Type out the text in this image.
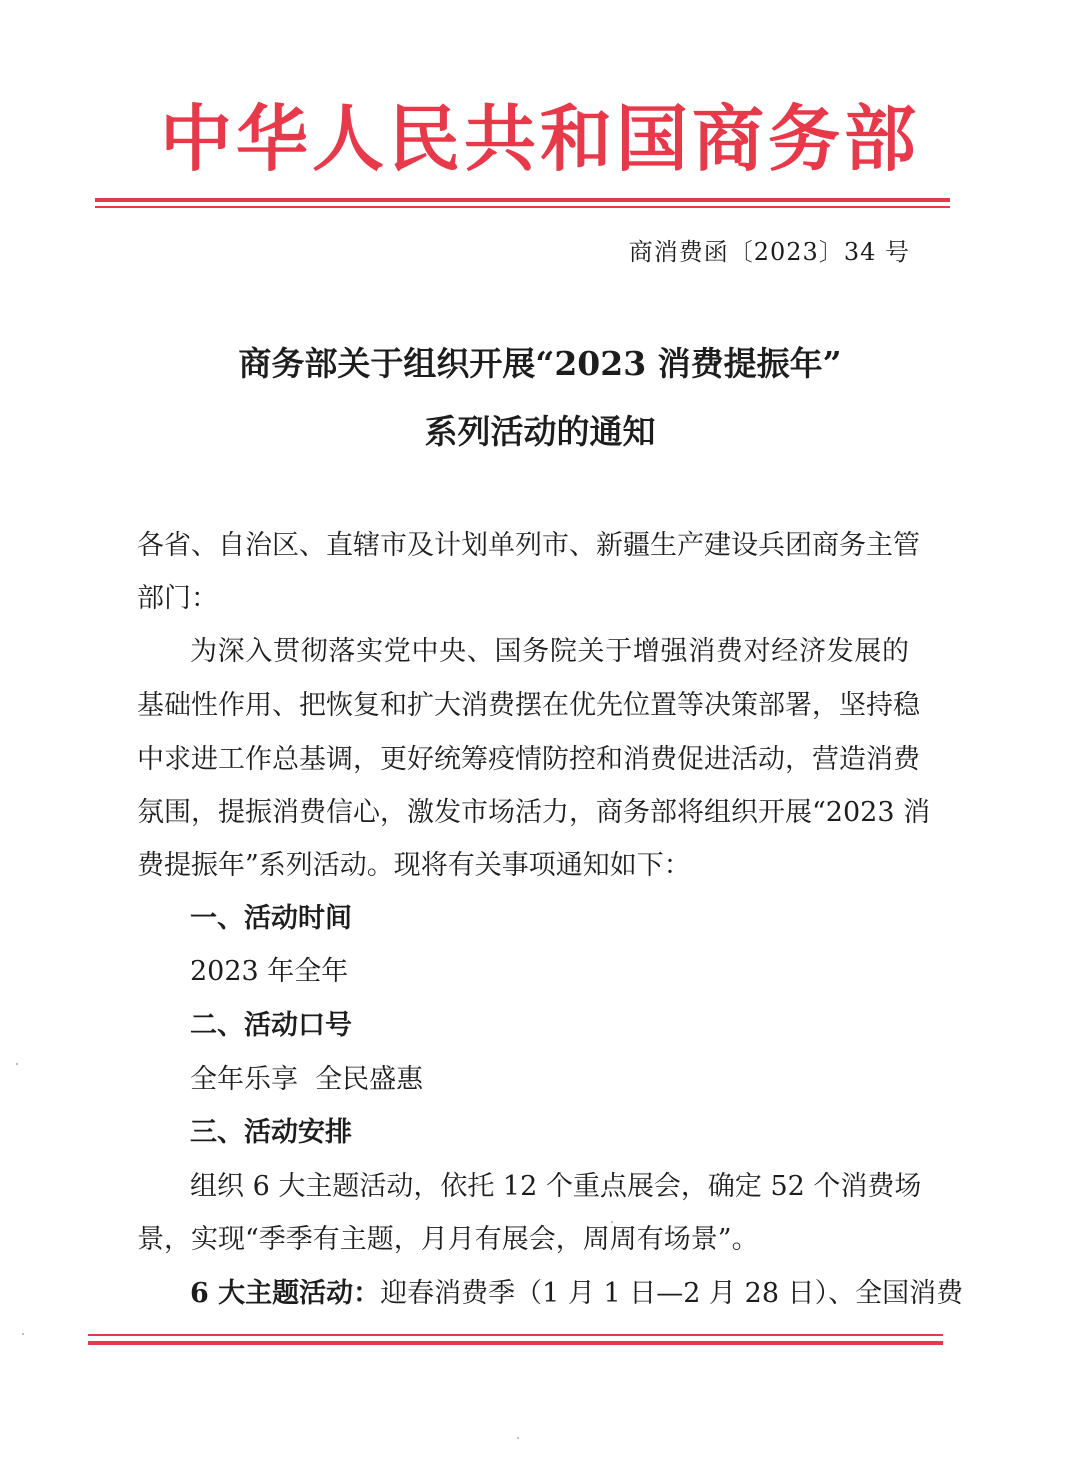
中华人民共和国商务部
商消费函〔2023〕34 号
商务部关于组织开展“2023 消费提振年”
系列活动的通知
各省、自治区、直辖市及计划单列市、新疆生产建设兵团商务主管
部门：
为深入贯彻落实党中央、国务院关于增强消费对经济发展的
基础性作用、把恢复和扩大消费摆在优先位置等决策部署，坚持稳
中求进工作总基调，更好统筹疫情防控和消费促进活动，营造消费
氛围，提振消费信心，激发市场活力，商务部将组织开展“2023 消
费提振年”系列活动。现将有关事项通知如下：
一、活动时间
2023 年全年
二、活动口号
全年乐享  全民盛惠
三、活动安排
组织 6 大主题活动，依托 12 个重点展会，确定 52 个消费场
景，实现“季季有主题，月月有展会，周周有场景”。
6 大主题活动：迎春消费季（1 月 1 日—2 月 28 日）、全国消费
